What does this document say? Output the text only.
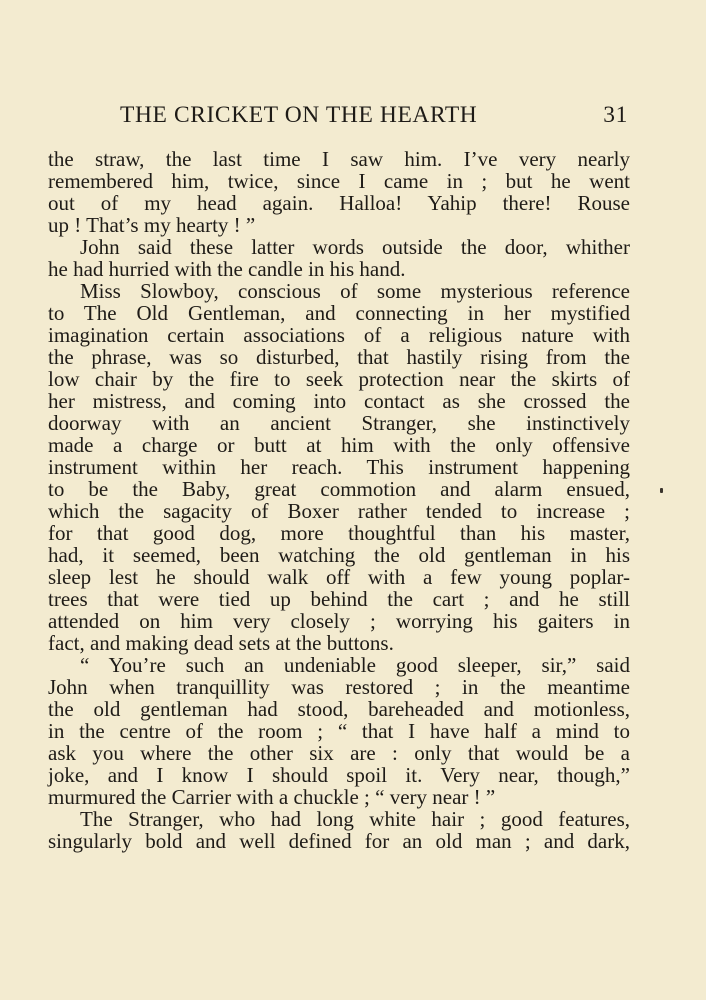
THE CRICKET ON THE HEARTH	31
the straw, the last time I saw him. I’ve very nearly
remembered him, twice, since I came in ; but he went
out of my head again. Halloa! Yahip there! Rouse
up ! That’s my hearty ! ”
John said these latter words outside the door, whither
he had hurried with the candle in his hand.
Miss Slowboy, conscious of some mysterious reference
to The Old Gentleman, and connecting in her mystified
imagination certain associations of a religious nature with
the phrase, was so disturbed, that hastily rising from the
low chair by the fire to seek protection near the skirts of
her mistress, and coming into contact as she crossed the
doorway with an ancient Stranger, she instinctively
made a charge or butt at him with the only offensive
instrument within her reach. This instrument happening
to be the Baby, great commotion and alarm ensued,
which the sagacity of Boxer rather tended to increase ;
for that good dog, more thoughtful than his master,
had, it seemed, been watching the old gentleman in his
sleep lest he should walk off with a few young poplar-
trees that were tied up behind the cart ; and he still
attended on him very closely ; worrying his gaiters in
fact, and making dead sets at the buttons.
“ You’re such an undeniable good sleeper, sir,” said
John when tranquillity was restored ; in the meantime
the old gentleman had stood, bareheaded and motionless,
in the centre of the room ; “ that I have half a mind to
ask you where the other six are : only that would be a
joke, and I know I should spoil it. Very near, though,”
murmured the Carrier with a chuckle ; “ very near ! ”
The Stranger, who had long white hair ; good features,
singularly bold and well defined for an old man ; and dark,
